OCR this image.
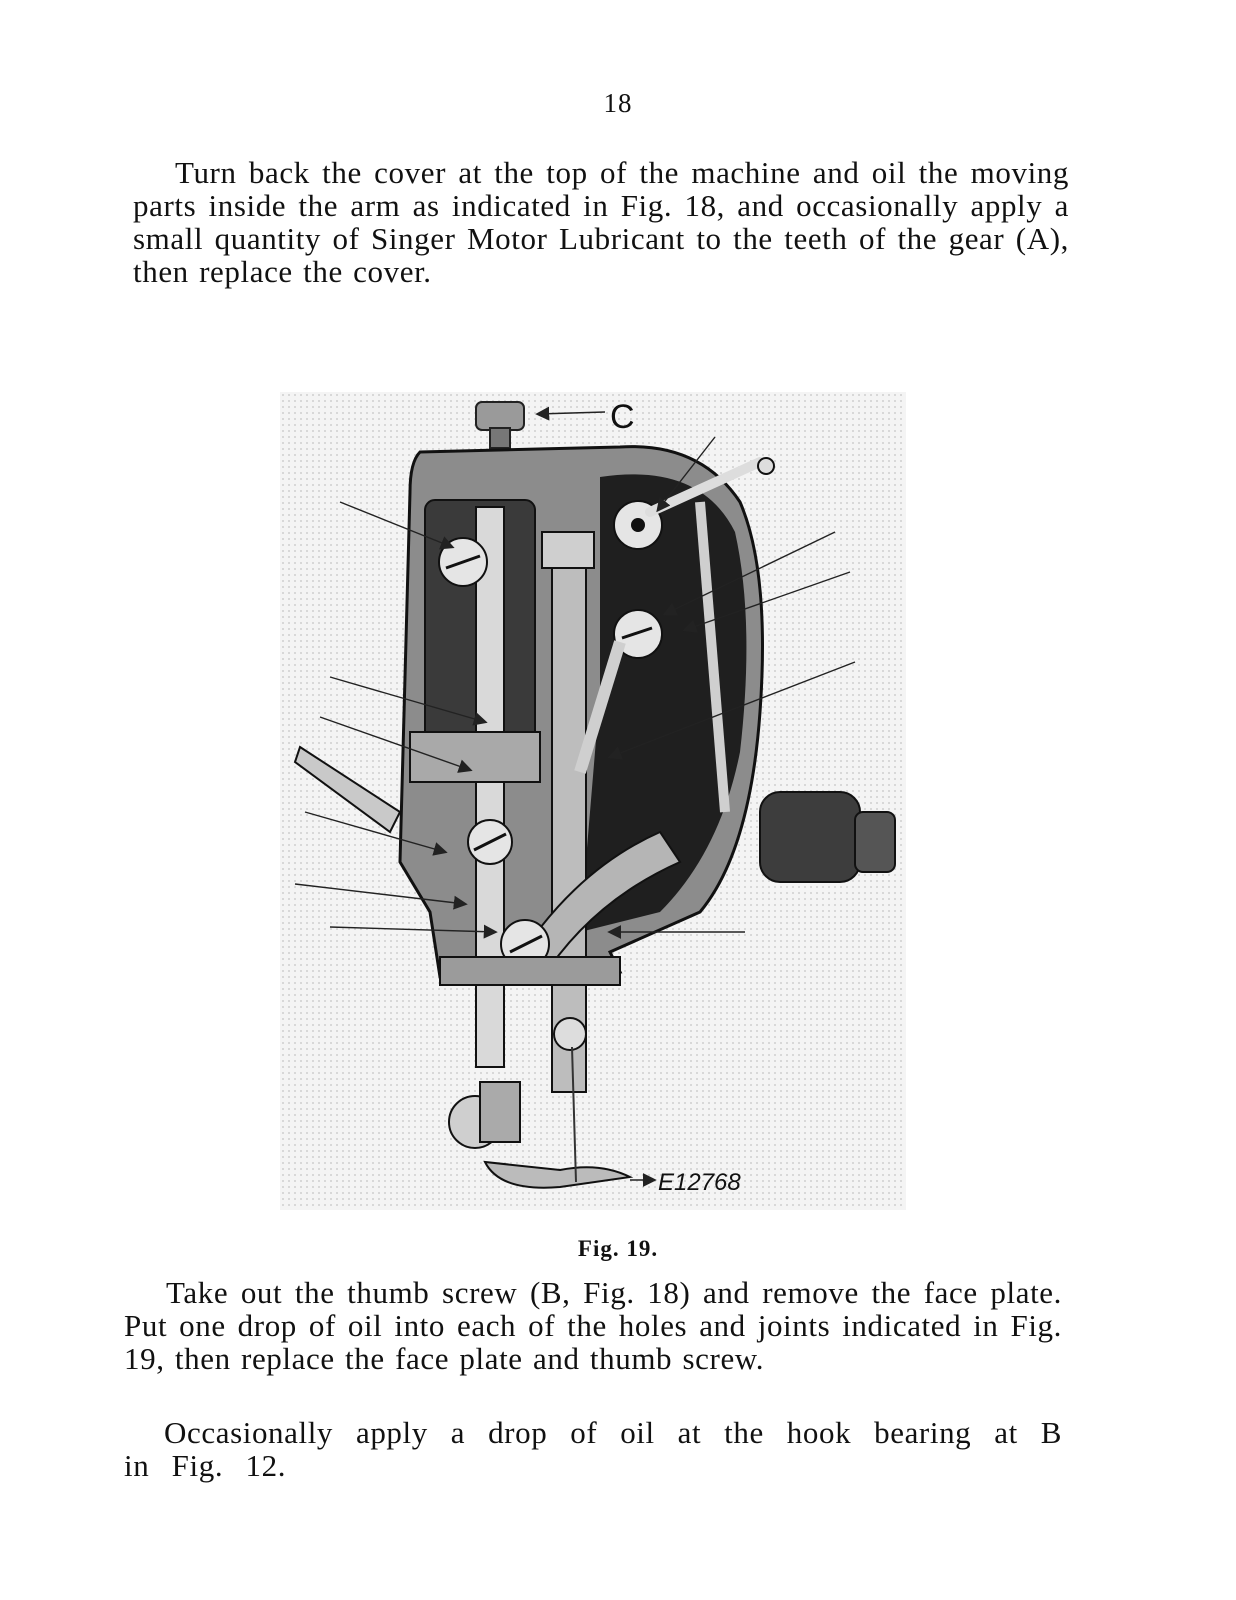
18

Turn back the cover at the top of the machine and oil the moving parts inside the arm as indicated in Fig. 18, and occasionally apply a small quantity of Singer Motor Lubricant to the teeth of the gear (A), then replace the cover.

C
E12768
Fig. 19.

Take out the thumb screw (B, Fig. 18) and remove the face plate. Put one drop of oil into each of the holes and joints indicated in Fig. 19, then replace the face plate and thumb screw.

Occasionally apply a drop of oil at the hook bearing at B in Fig. 12.
